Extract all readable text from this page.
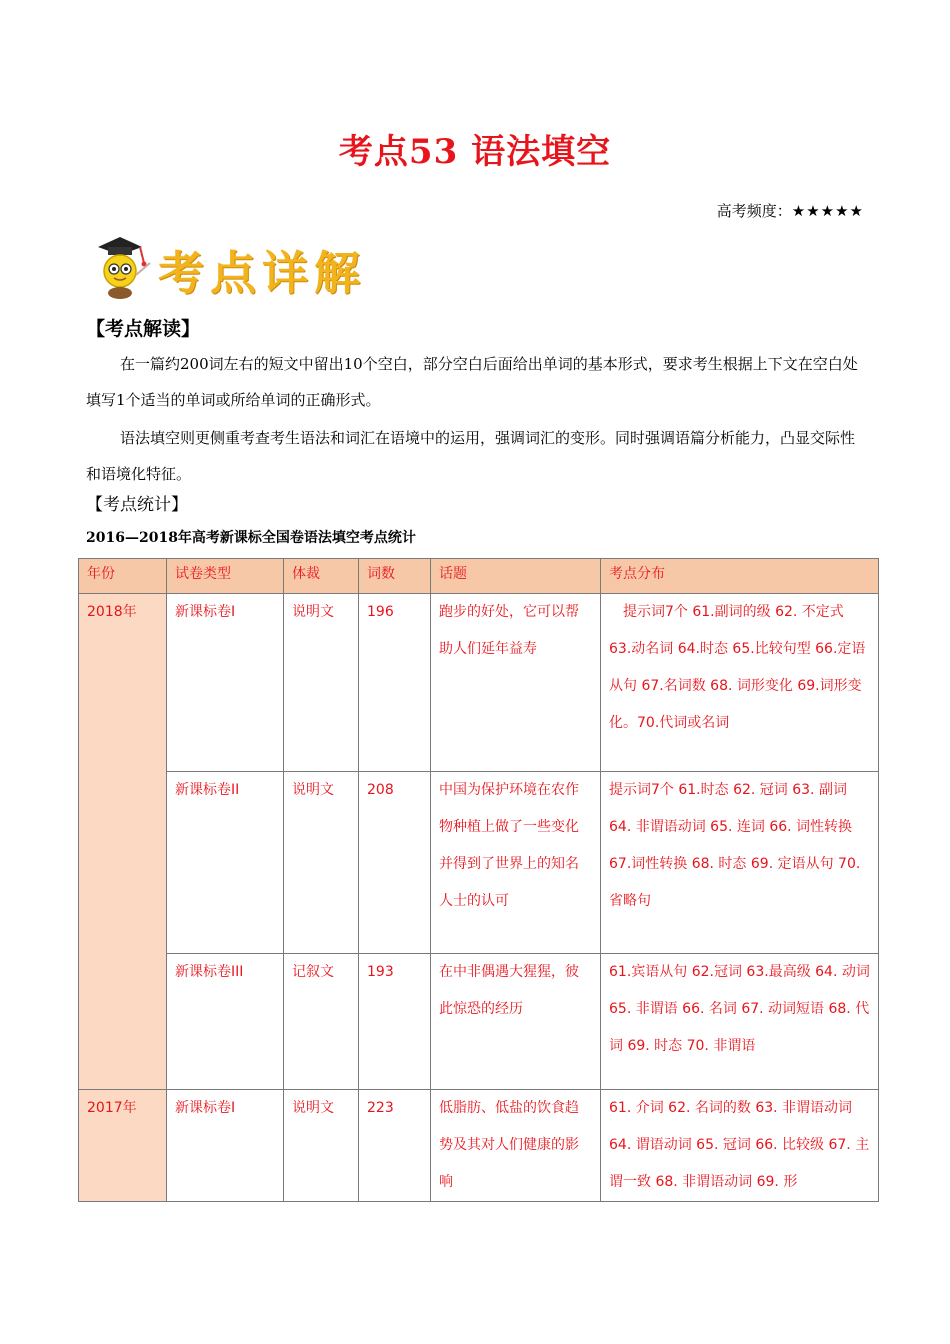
考点53 语法填空
高考频度：★★★★★
考点详解
【考点解读】
在一篇约200词左右的短文中留出10个空白，部分空白后面给出单词的基本形式，要求考生根据上下文在空白处填写1个适当的单词或所给单词的正确形式。
语法填空则更侧重考查考生语法和词汇在语境中的运用，强调词汇的变形。同时强调语篇分析能力，凸显交际性和语境化特征。
【考点统计】
2016—2018年高考新课标全国卷语法填空考点统计
年份	试卷类型	体裁	词数	话题	考点分布
2018年	新课标卷I	说明文	196	跑步的好处，它可以帮助人们延年益寿	　提示词7个 61.副词的级 62. 不定式 63.动名词 64.时态 65.比较句型 66.定语从句 67.名词数 68. 词形变化 69.词形变化。70.代词或名词
	新课标卷II	说明文	208	中国为保护环境在农作物种植上做了一些变化并得到了世界上的知名人士的认可	提示词7个 61.时态 62. 冠词 63. 副词 64. 非谓语动词 65. 连词 66. 词性转换 67.词性转换 68. 时态 69. 定语从句 70. 省略句
	新课标卷III	记叙文	193	在中非偶遇大猩猩，彼此惊恐的经历	61.宾语从句 62.冠词 63.最高级 64. 动词 65. 非谓语 66. 名词 67. 动词短语 68. 代词 69. 时态 70. 非谓语
2017年	新课标卷I	说明文	223	低脂肪、低盐的饮食趋势及其对人们健康的影响	61. 介词 62. 名词的数 63. 非谓语动词 64. 谓语动词 65. 冠词 66. 比较级 67. 主谓一致 68. 非谓语动词 69. 形
